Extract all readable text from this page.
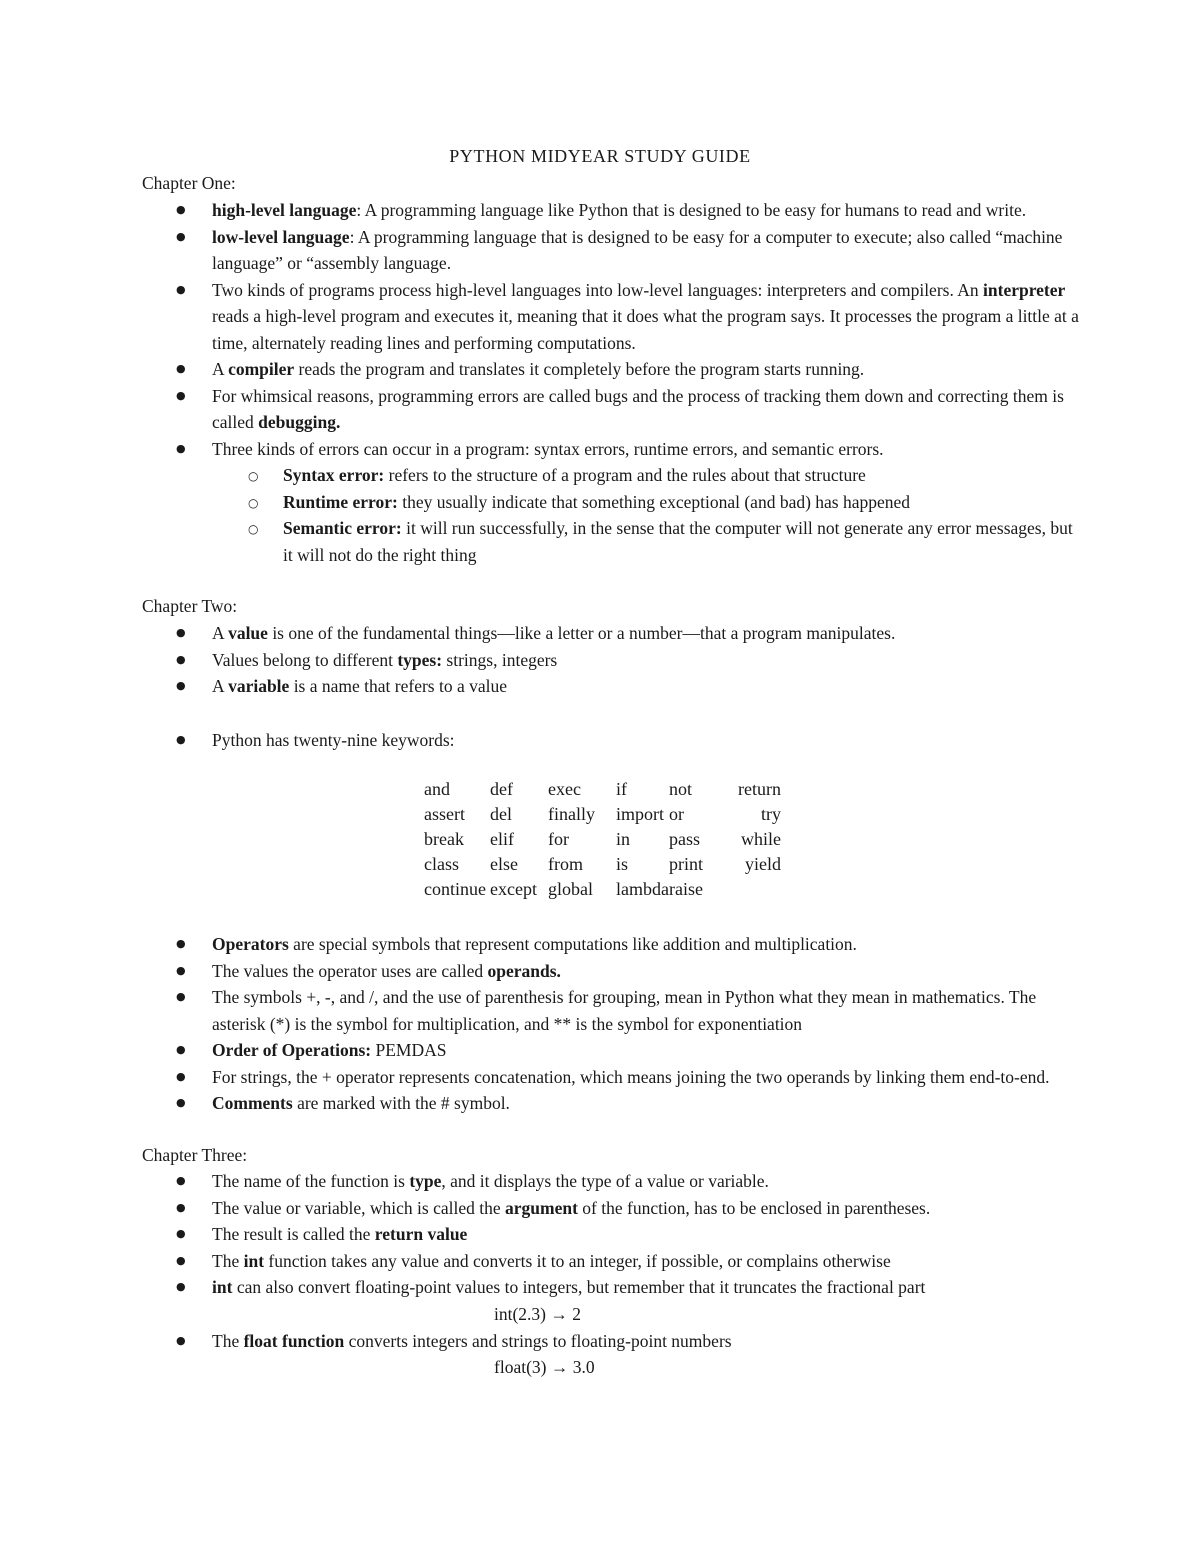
PYTHON MIDYEAR STUDY GUIDE

Chapter One:

● high-level language: A programming language like Python that is designed to be easy for humans to read and write.
● low-level language: A programming language that is designed to be easy for a computer to execute; also called “machine language” or “assembly language.
● Two kinds of programs process high-level languages into low-level languages: interpreters and compilers. An interpreter reads a high-level program and executes it, meaning that it does what the program says. It processes the program a little at a time, alternately reading lines and performing computations.
● A compiler reads the program and translates it completely before the program starts running.
● For whimsical reasons, programming errors are called bugs and the process of tracking them down and correcting them is called debugging.
● Three kinds of errors can occur in a program: syntax errors, runtime errors, and semantic errors.
○ Syntax error: refers to the structure of a program and the rules about that structure
○ Runtime error: they usually indicate that something exceptional (and bad) has happened
○ Semantic error: it will run successfully, in the sense that the computer will not generate any error messages, but it will not do the right thing

Chapter Two:

● A value is one of the fundamental things—like a letter or a number—that a program manipulates.
● Values belong to different types: strings, integers
● A variable is a name that refers to a value
● Python has twenty-nine keywords:
and	def	exec	if	not	return
assert	del	finally	import	or	try
break	elif	for	in	pass	while
class	else	from	is	print	yield
continue	except	global	lambda	raise	
● Operators are special symbols that represent computations like addition and multiplication.
● The values the operator uses are called operands.
● The symbols +, -, and /, and the use of parenthesis for grouping, mean in Python what they mean in mathematics. The asterisk (*) is the symbol for multiplication, and ** is the symbol for exponentiation
● Order of Operations: PEMDAS
● For strings, the + operator represents concatenation, which means joining the two operands by linking them end-to-end.
● Comments are marked with the # symbol.

Chapter Three:

● The name of the function is type, and it displays the type of a value or variable.
● The value or variable, which is called the argument of the function, has to be enclosed in parentheses.
● The result is called the return value
● The int function takes any value and converts it to an integer, if possible, or complains otherwise
● int can also convert floating-point values to integers, but remember that it truncates the fractional part

int(2.3) → 2

● The float function converts integers and strings to floating-point numbers

float(3) → 3.0
